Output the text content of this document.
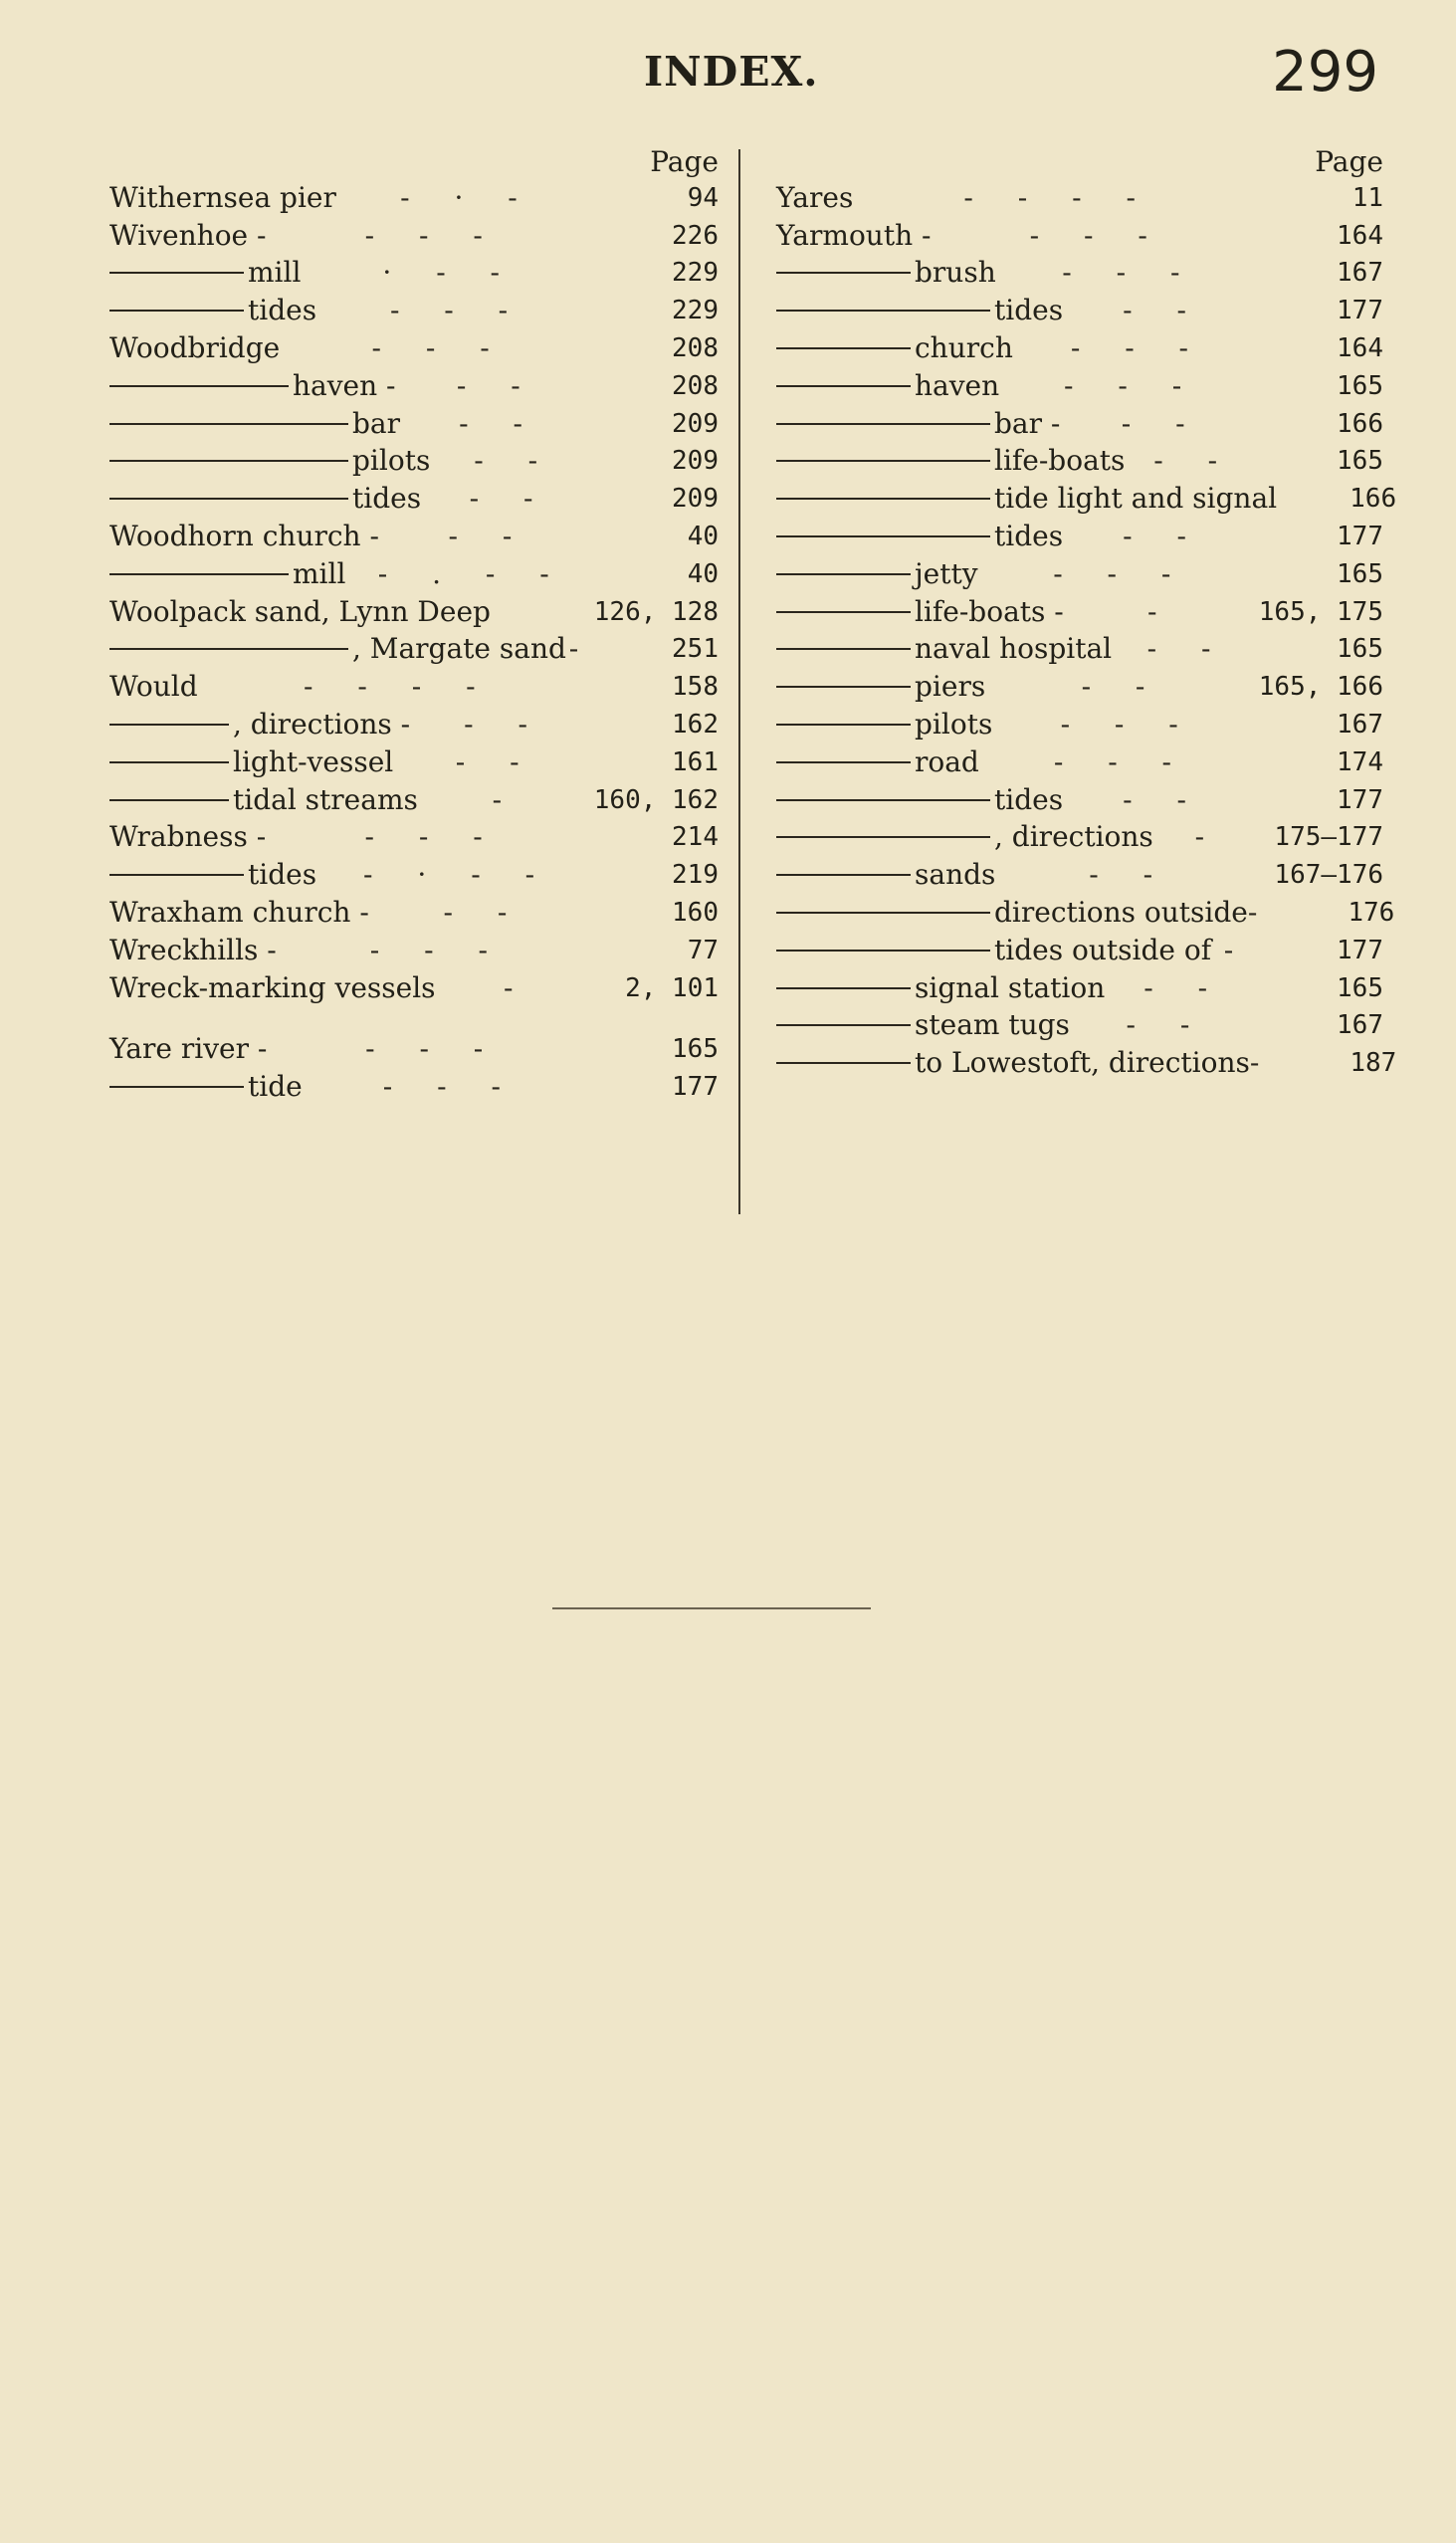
INDEX.	299
Page
Withernsea pier	- · -	94
Wivenhoe -	- - -	226
mill	· - -	229
tides	- - -	229
Woodbridge	- - -	208
haven -	- -	208
bar	- -	209
pilots	- -	209
tides	- -	209
Woodhorn church -	- -	40
mill	- . - -	40
Woolpack sand, Lynn Deep	126, 128
, Margate sand -	251
Would	- - - -	158
, directions -	- -	162
light-vessel	- -	161
tidal streams	-	160, 162
Wrabness -	- - -	214
tides	- · - -	219
Wraxham church -	- -	160
Wreckhills -	- - -	77
Wreck-marking vessels	-	2, 101
Yare river -	- - -	165
tide	- - -	177
Page
Yares	- - - -	11
Yarmouth -	- - -	164
brush	- - -	167
tides	- -	177
church	- - -	164
haven	- - -	165
bar -	- -	166
life-boats	- -	165
tide light and signal	166
tides	- -	177
jetty	- - -	165
life-boats -	-	165, 175
naval hospital	- -	165
piers	- -	165, 166
pilots	- - -	167
road	- - -	174
tides	- -	177
, directions	-	175–177
sands	- -	167–176
directions outside -	176
tides outside of -	177
signal station	- -	165
steam tugs	- -	167
to Lowestoft, directions -	187
